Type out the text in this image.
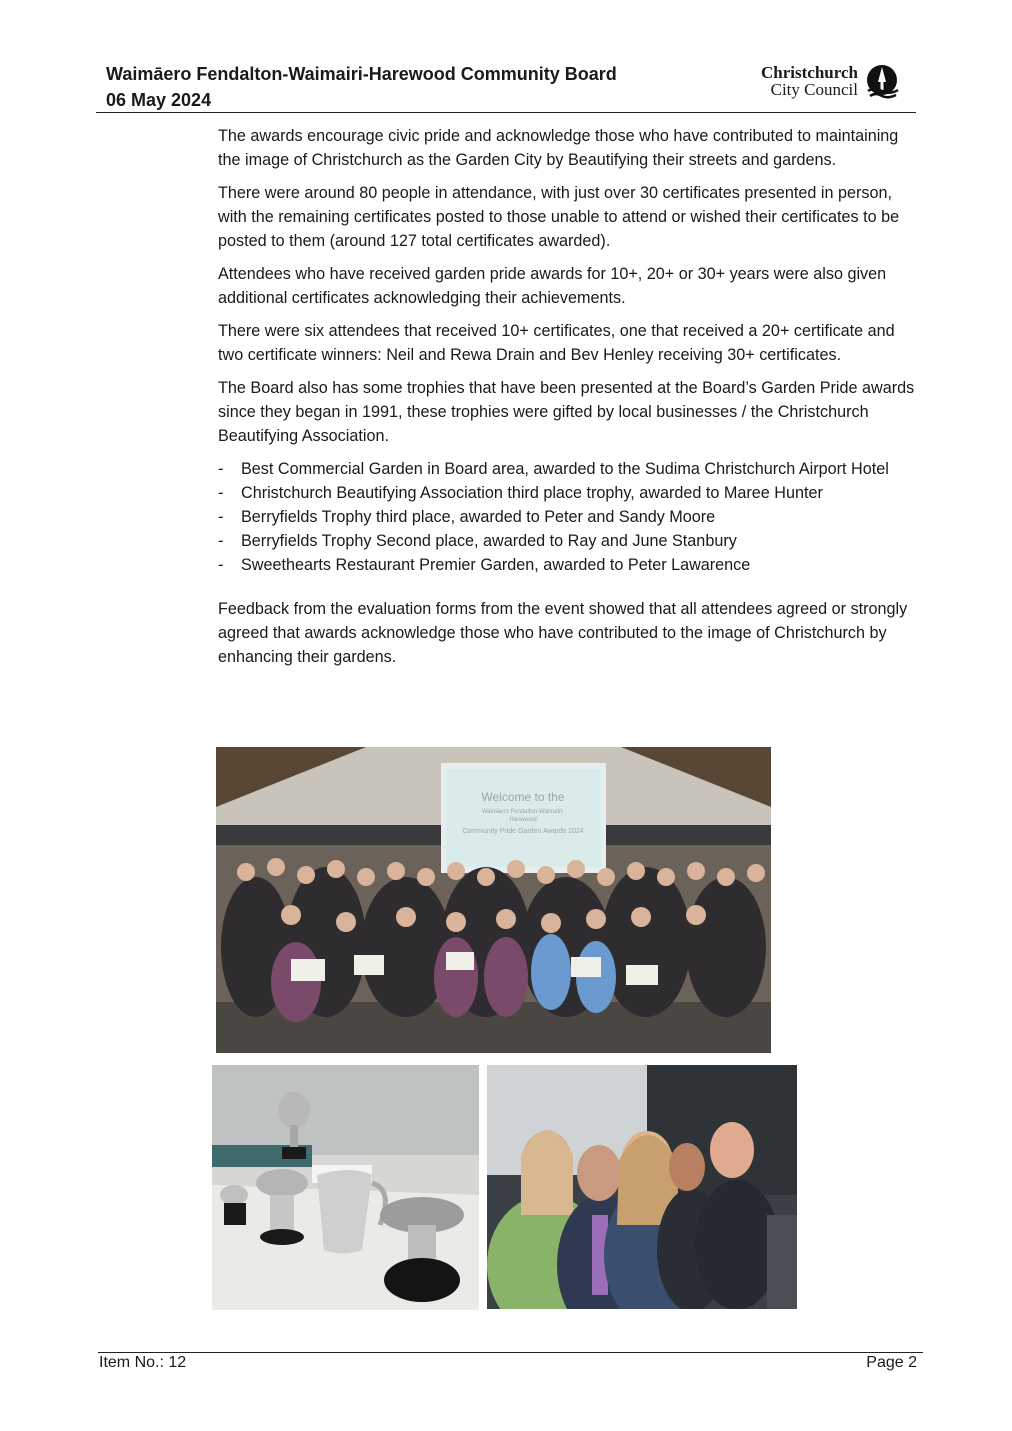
Waimāero Fendalton-Waimairi-Harewood Community Board
06 May 2024
Christchurch
City Council

The awards encourage civic pride and acknowledge those who have contributed to maintaining the image of Christchurch as the Garden City by Beautifying their streets and gardens.

There were around 80 people in attendance, with just over 30 certificates presented in person, with the remaining certificates posted to those unable to attend or wished their certificates to be posted to them (around 127 total certificates awarded).

Attendees who have received garden pride awards for 10+, 20+ or 30+ years were also given additional certificates acknowledging their achievements.

There were six attendees that received 10+ certificates, one that received a 20+ certificate and two certificate winners: Neil and Rewa Drain and Bev Henley receiving 30+ certificates.

The Board also has some trophies that have been presented at the Board’s Garden Pride awards since they began in 1991, these trophies were gifted by local businesses / the Christchurch Beautifying Association.

- Best Commercial Garden in Board area, awarded to the Sudima Christchurch Airport Hotel
- Christchurch Beautifying Association third place trophy, awarded to Maree Hunter
- Berryfields Trophy third place, awarded to Peter and Sandy Moore
- Berryfields Trophy Second place, awarded to Ray and June Stanbury
- Sweethearts Restaurant Premier Garden, awarded to Peter Lawarence

Feedback from the evaluation forms from the event showed that all attendees agreed or strongly agreed that awards acknowledge those who have contributed to the image of Christchurch by enhancing their gardens.

Welcome to the
Waimāero Fendalton-Waimairi-
Harewood
Community Pride Garden Awards 2024
Item No.: 12	Page 2
